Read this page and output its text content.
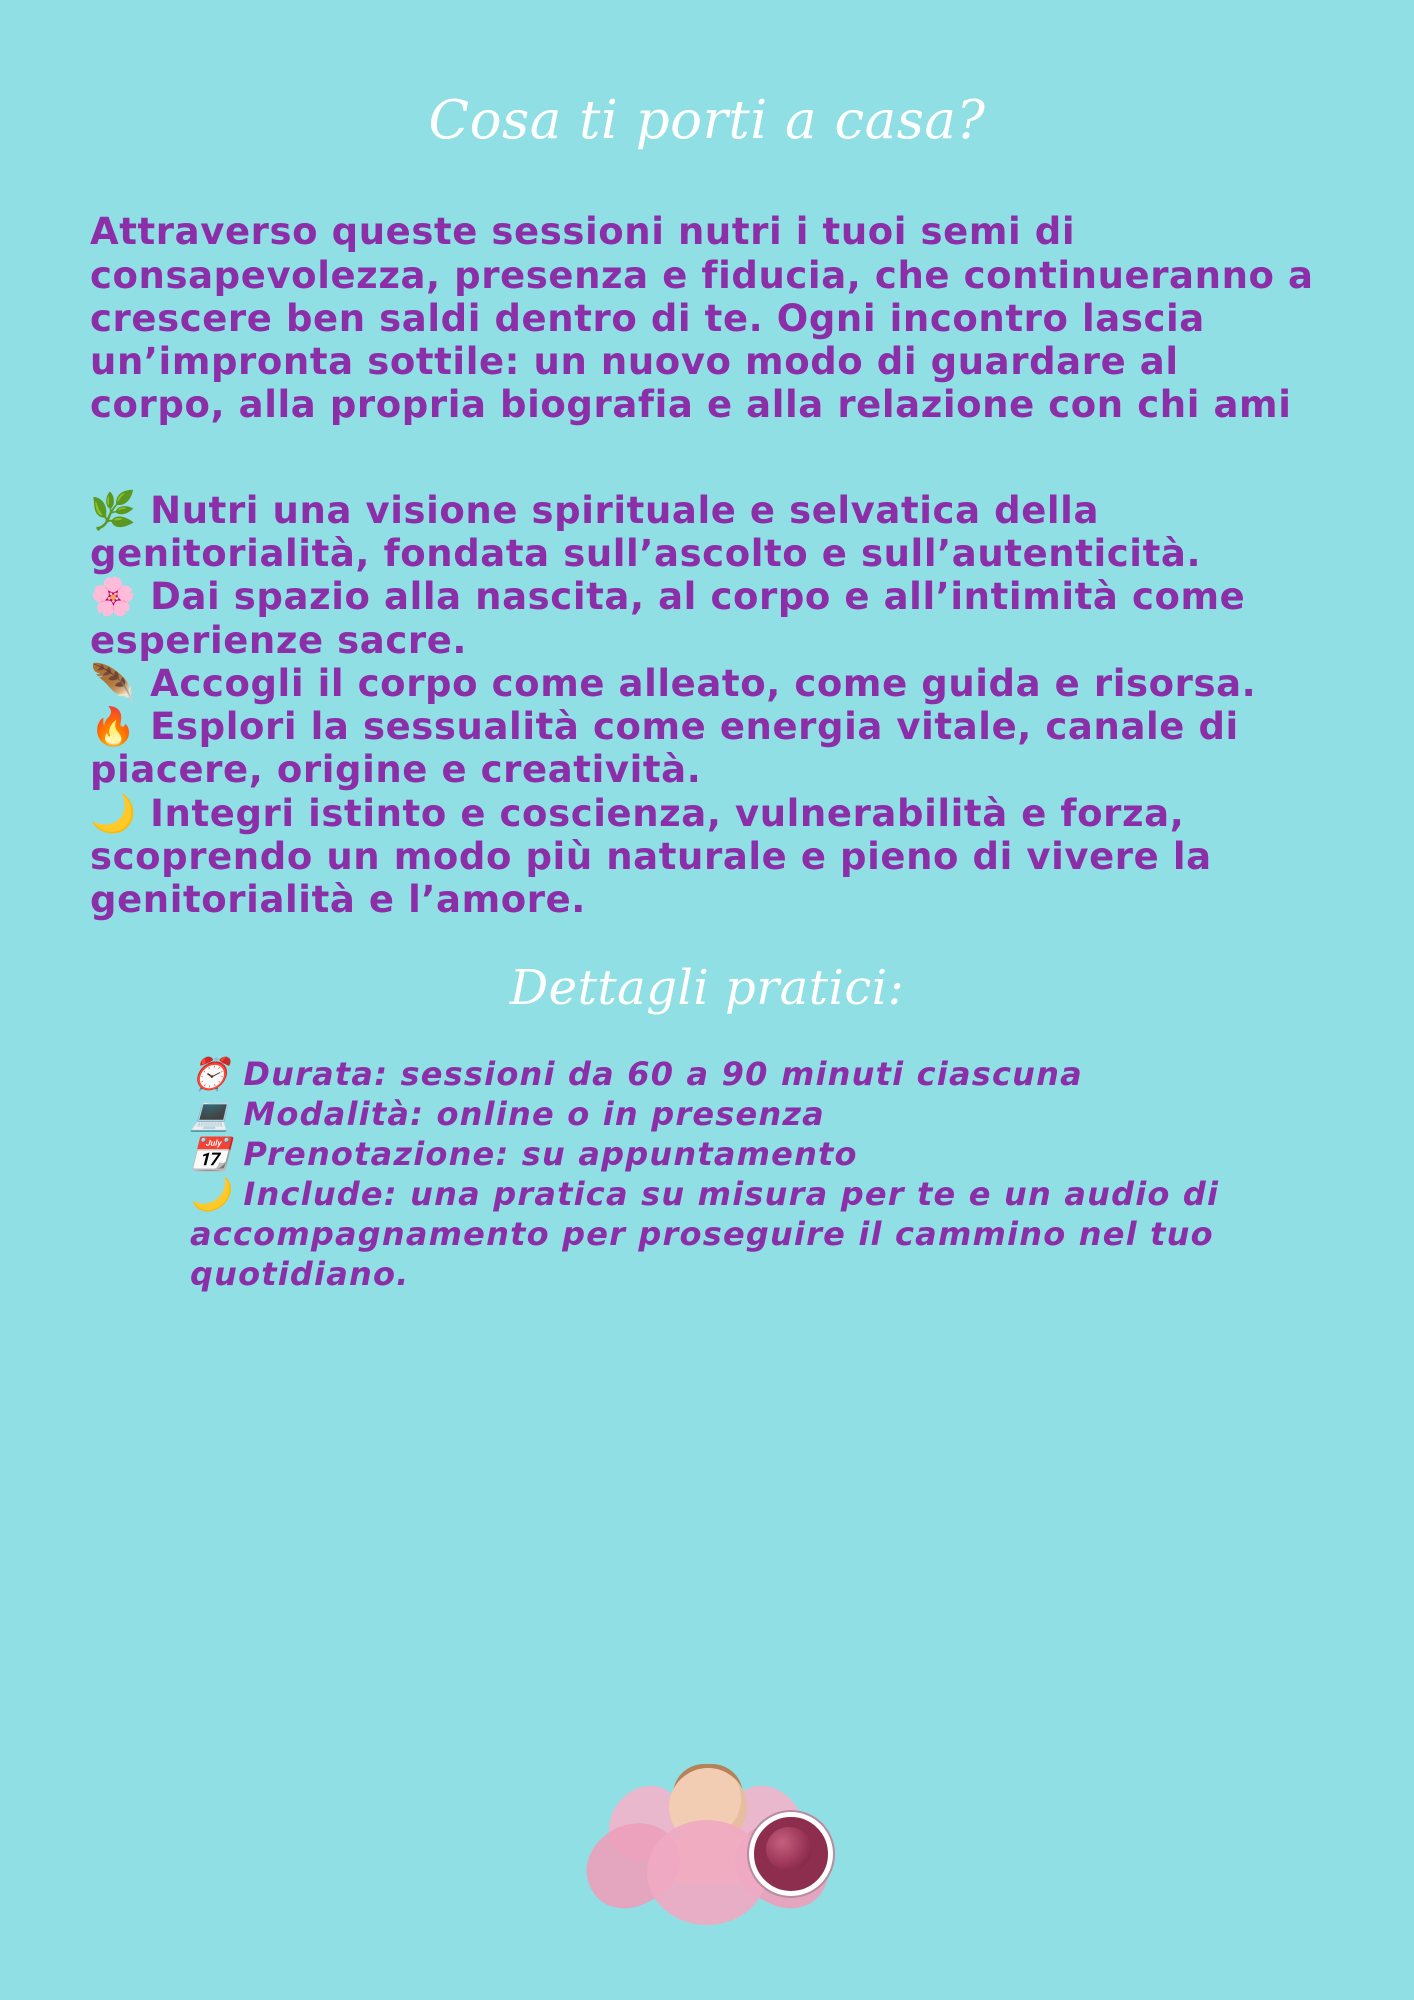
Cosa ti porti a casa?
Attraverso queste sessioni nutri i tuoi semi di consapevolezza, presenza e fiducia, che continueranno a crescere ben saldi dentro di te. Ogni incontro lascia un’impronta sottile: un nuovo modo di guardare al corpo, alla propria biografia e alla relazione con chi ami

🌿 Nutri una visione spirituale e selvatica della genitorialità, fondata sull’ascolto e sull’autenticità.

🌸 Dai spazio alla nascita, al corpo e all’intimità come esperienze sacre.

🪶 Accogli il corpo come alleato, come guida e risorsa.

🔥 Esplori la sessualità come energia vitale, canale di piacere, origine e creatività.

🌙 Integri istinto e coscienza, vulnerabilità e forza, scoprendo un modo più naturale e pieno di vivere la genitorialità e l’amore.

Dettagli pratici:

⏰ Durata: sessioni da 60 a 90 minuti ciascuna

💻 Modalità: online o in presenza

📆 Prenotazione: su appuntamento

🌙 Include: una pratica su misura per te e un audio di accompagnamento per proseguire il cammino nel tuo quotidiano.
